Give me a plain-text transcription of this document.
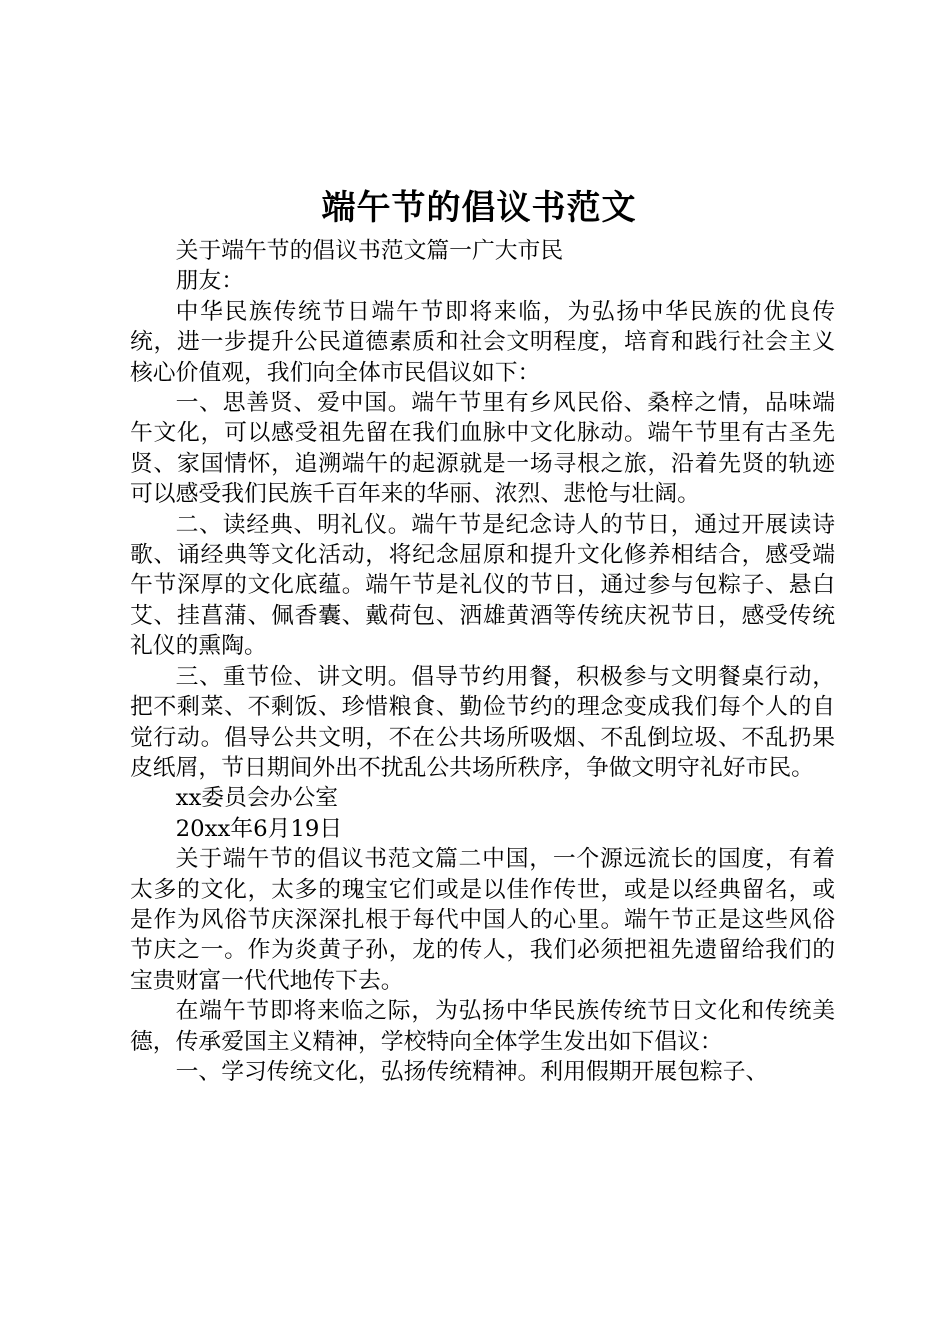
端午节的倡议书范文

关于端午节的倡议书范文篇一广大市民

朋友：

中华民族传统节日端午节即将来临，为弘扬中华民族的优良传统，进一步提升公民道德素质和社会文明程度，培育和践行社会主义核心价值观，我们向全体市民倡议如下：

一、思善贤、爱中国。端午节里有乡风民俗、桑梓之情，品味端午文化，可以感受祖先留在我们血脉中文化脉动。端午节里有古圣先贤、家国情怀，追溯端午的起源就是一场寻根之旅，沿着先贤的轨迹可以感受我们民族千百年来的华丽、浓烈、悲怆与壮阔。

二、读经典、明礼仪。端午节是纪念诗人的节日，通过开展读诗歌、诵经典等文化活动，将纪念屈原和提升文化修养相结合，感受端午节深厚的文化底蕴。端午节是礼仪的节日，通过参与包粽子、悬白艾、挂菖蒲、佩香囊、戴荷包、洒雄黄酒等传统庆祝节日，感受传统礼仪的熏陶。

三、重节俭、讲文明。倡导节约用餐，积极参与文明餐桌行动，把不剩菜、不剩饭、珍惜粮食、勤俭节约的理念变成我们每个人的自觉行动。倡导公共文明，不在公共场所吸烟、不乱倒垃圾、不乱扔果皮纸屑，节日期间外出不扰乱公共场所秩序，争做文明守礼好市民。

xx委员会办公室

20xx年6月19日

关于端午节的倡议书范文篇二中国，一个源远流长的国度，有着太多的文化，太多的瑰宝它们或是以佳作传世，或是以经典留名，或是作为风俗节庆深深扎根于每代中国人的心里。端午节正是这些风俗节庆之一。作为炎黄子孙，龙的传人，我们必须把祖先遗留给我们的宝贵财富一代代地传下去。

在端午节即将来临之际，为弘扬中华民族传统节日文化和传统美德，传承爱国主义精神，学校特向全体学生发出如下倡议：

一、学习传统文化，弘扬传统精神。利用假期开展包粽子、
